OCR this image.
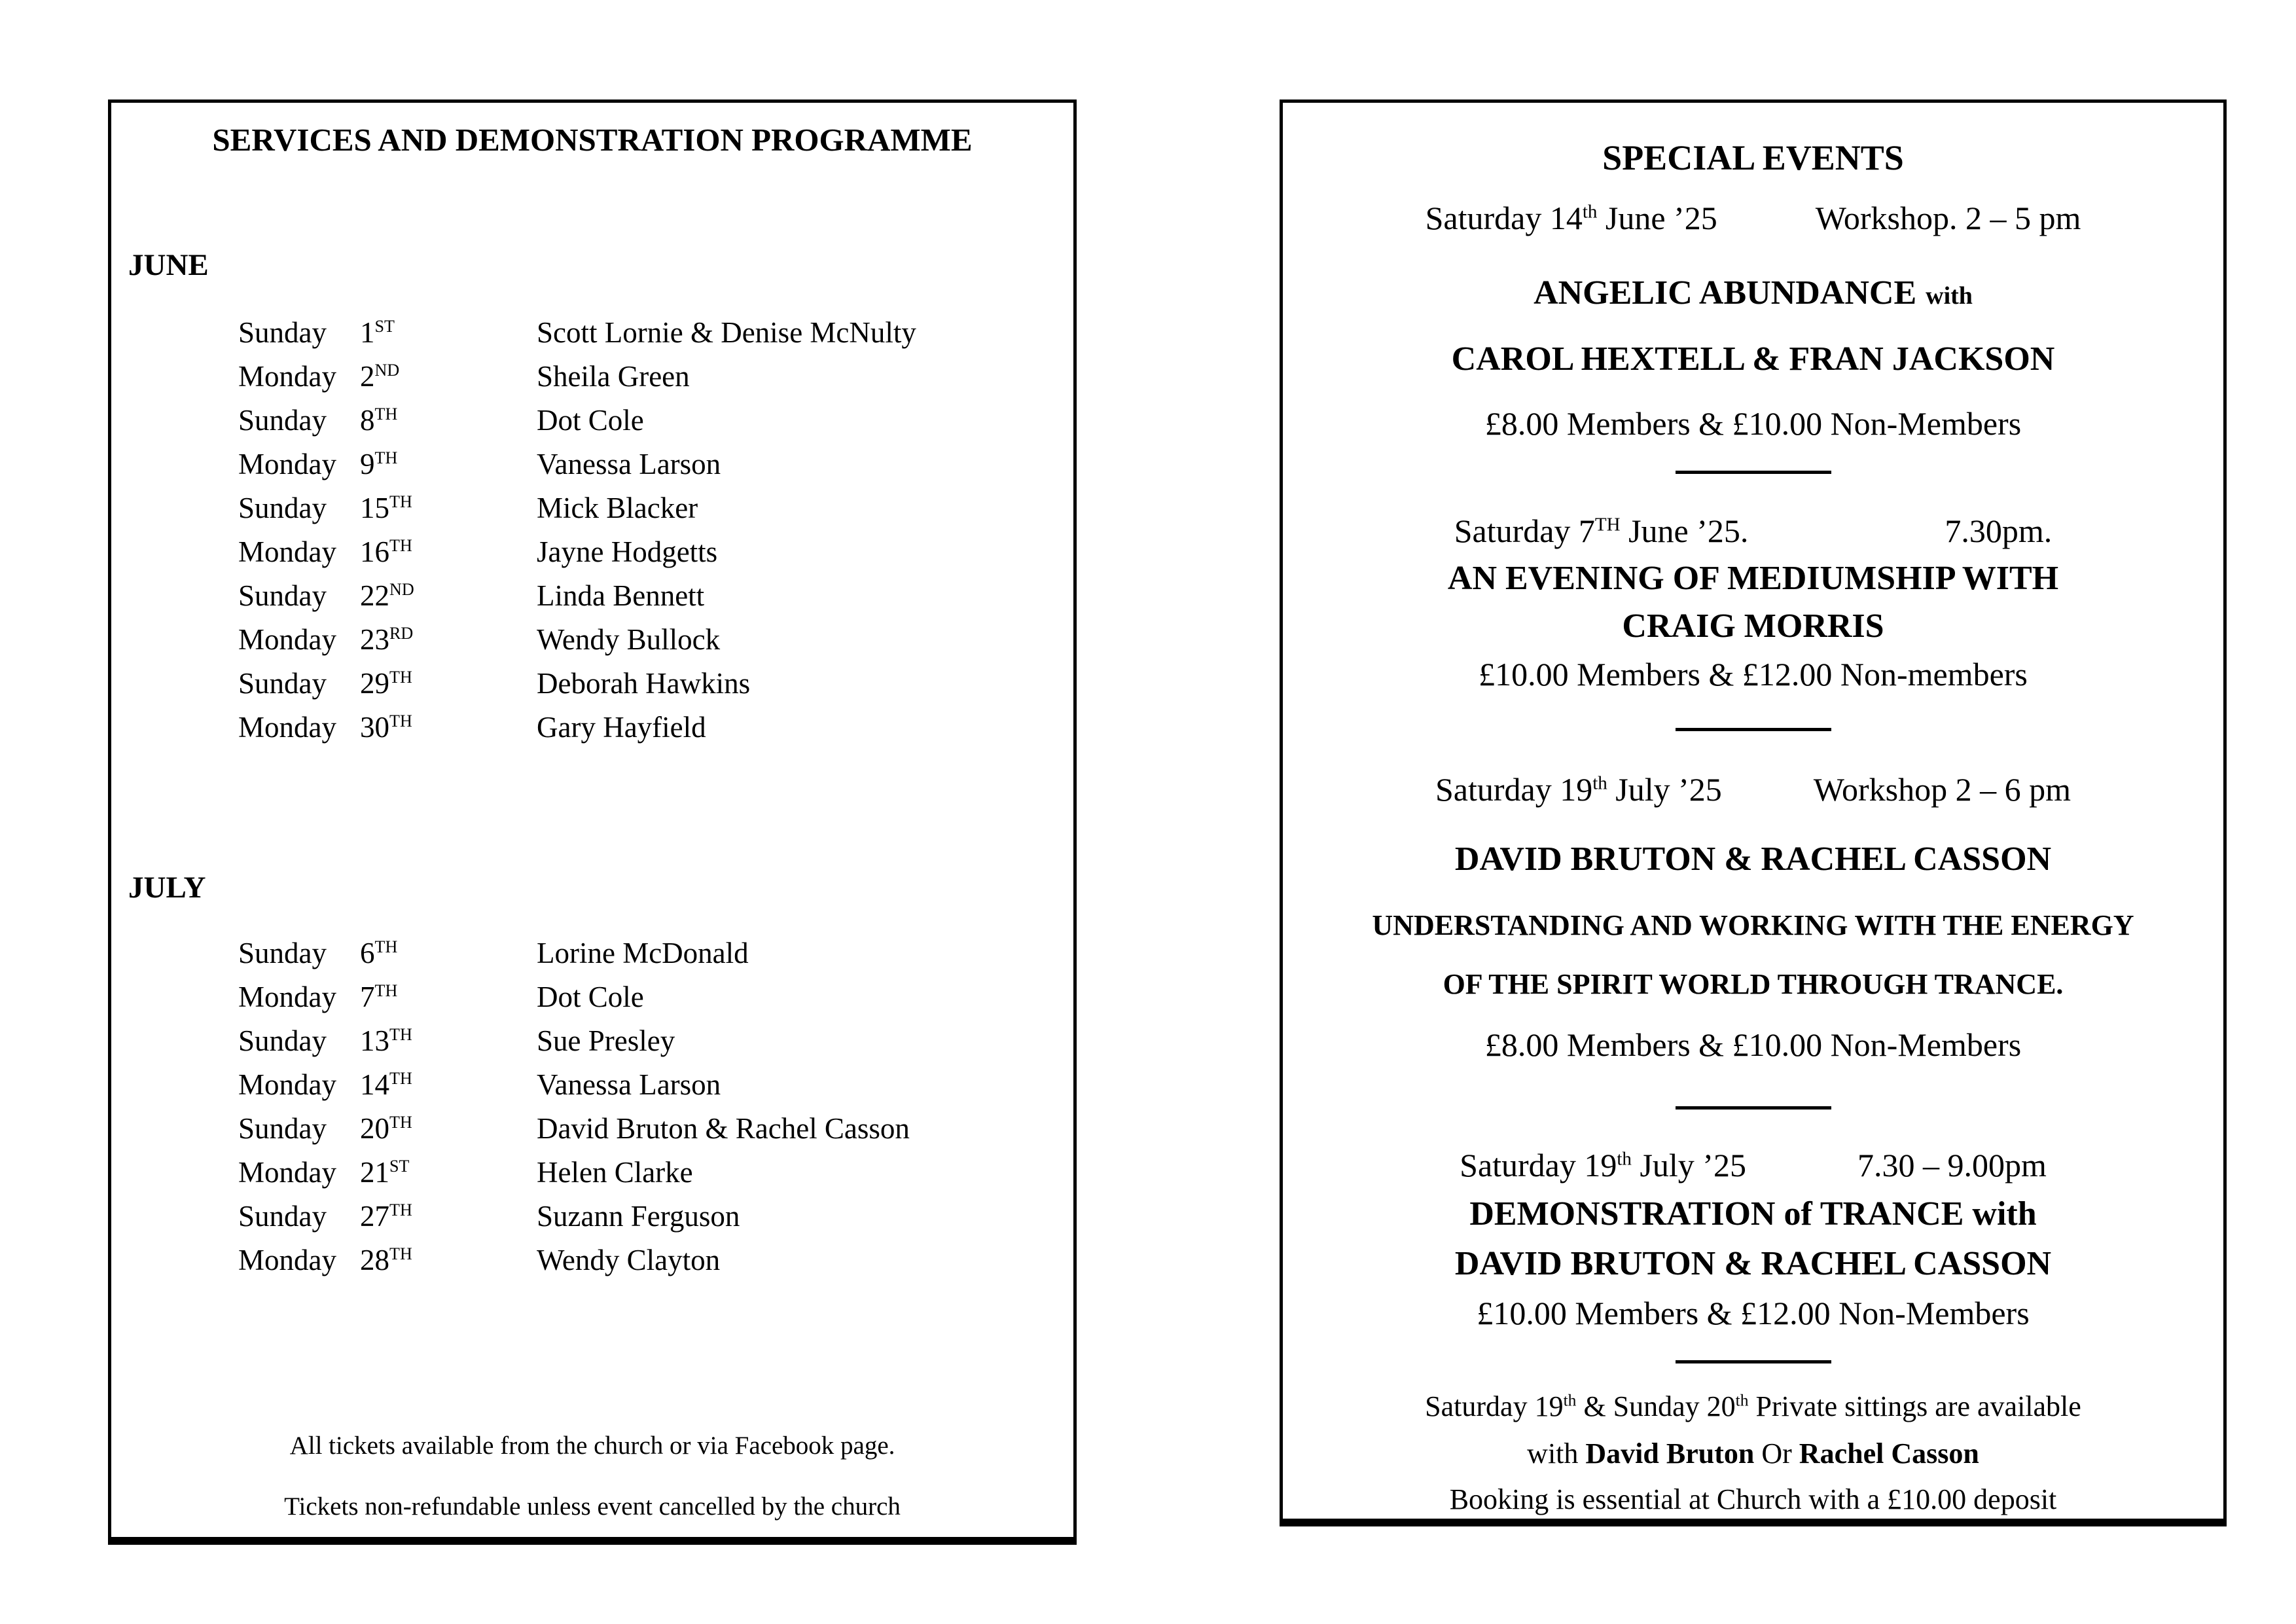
SERVICES AND DEMONSTRATION PROGRAMME
JUNE
Sunday 1ST	Scott Lornie & Denise McNulty
Monday 2ND	Sheila Green
Sunday 8TH	Dot Cole
Monday 9TH	Vanessa Larson
Sunday 15TH	Mick Blacker
Monday 16TH	Jayne Hodgetts
Sunday 22ND	Linda Bennett
Monday 23RD	Wendy Bullock
Sunday 29TH	Deborah Hawkins
Monday 30TH	Gary Hayfield
JULY
Sunday 6TH	Lorine McDonald
Monday 7TH	Dot Cole
Sunday 13TH	Sue Presley
Monday 14TH	Vanessa Larson
Sunday 20TH	David Bruton & Rachel Casson
Monday 21ST	Helen Clarke
Sunday 27TH	Suzann Ferguson
Monday 28TH	Wendy Clayton
All tickets available from the church or via Facebook page.
Tickets non-refundable unless event cancelled by the church
SPECIAL EVENTS
Saturday 14th June ’25	Workshop. 2 – 5 pm
ANGELIC ABUNDANCE with
CAROL HEXTELL & FRAN JACKSON
£8.00 Members & £10.00 Non-Members
Saturday 7TH June ’25.	7.30pm.
AN EVENING OF MEDIUMSHIP WITH
CRAIG MORRIS
£10.00 Members & £12.00 Non-members
Saturday 19th July ’25	Workshop 2 – 6 pm
DAVID BRUTON & RACHEL CASSON
UNDERSTANDING AND WORKING WITH THE ENERGY
OF THE SPIRIT WORLD THROUGH TRANCE.
£8.00 Members & £10.00 Non-Members
Saturday 19th July ’25	7.30 – 9.00pm
DEMONSTRATION of TRANCE with
DAVID BRUTON & RACHEL CASSON
£10.00 Members & £12.00 Non-Members
Saturday 19th & Sunday 20th Private sittings are available
with David Bruton Or Rachel Casson
Booking is essential at Church with a £10.00 deposit
